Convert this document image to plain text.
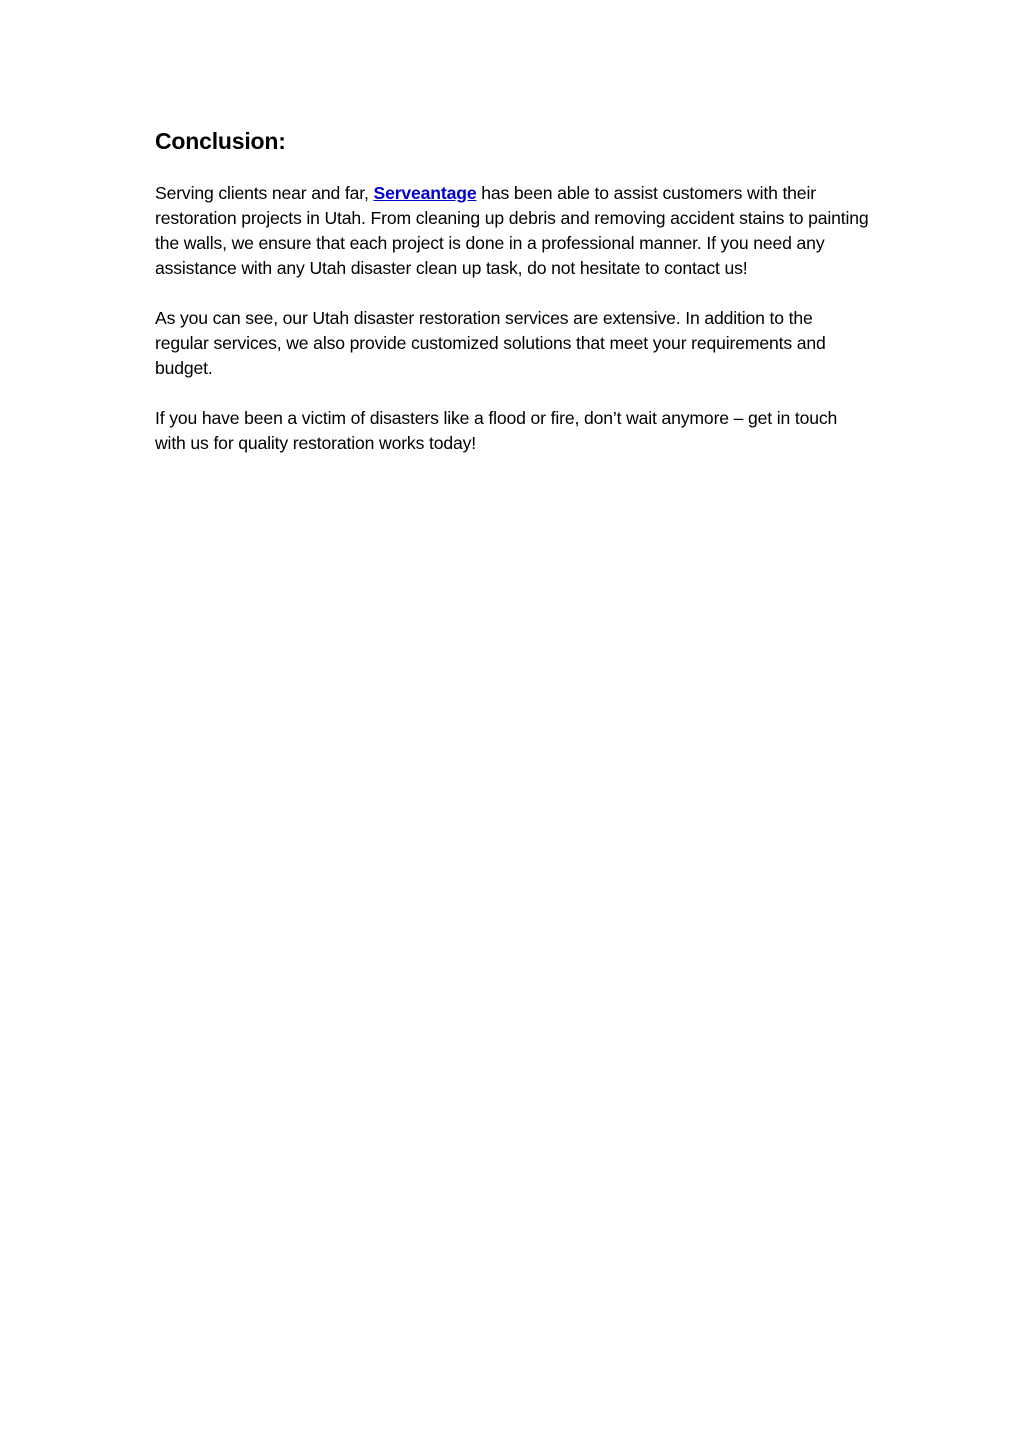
Conclusion:

Serving clients near and far, Serveantage has been able to assist customers with their restoration projects in Utah. From cleaning up debris and removing accident stains to painting the walls, we ensure that each project is done in a professional manner. If you need any assistance with any Utah disaster clean up task, do not hesitate to contact us!

As you can see, our Utah disaster restoration services are extensive. In addition to the regular services, we also provide customized solutions that meet your requirements and budget.

If you have been a victim of disasters like a flood or fire, don’t wait anymore – get in touch with us for quality restoration works today!
